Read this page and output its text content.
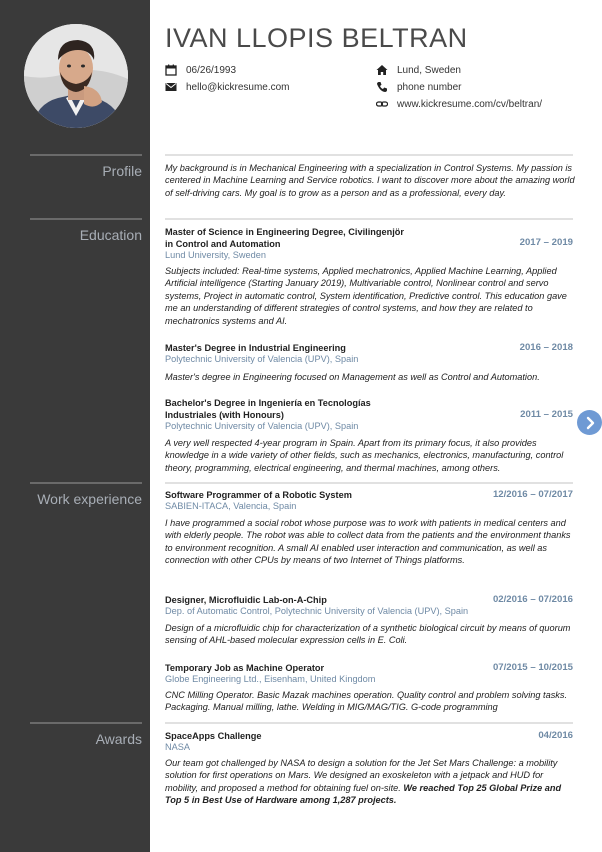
Profile
Education
Work experience
Awards
IVAN LLOPIS BELTRAN
06/26/1993
hello@kickresume.com
Lund, Sweden
phone number
www.kickresume.com/cv/beltran/
My background is in Mechanical Engineering with a specialization in Control Systems. My passion is centered in Machine Learning and Service robotics. I want to discover more about the amazing world of self-driving cars. My goal is to grow as a person and as a professional, every day.
Master of Science in Engineering Degree, Civilingenjör
in Control and Automation	2017 – 2019
Lund University, Sweden
Subjects included: Real-time systems, Applied mechatronics, Applied Machine Learning, Applied Artificial intelligence (Starting January 2019), Multivariable control, Nonlinear control and servo systems, Project in automatic control, System identification, Predictive control. This education gave me an understanding of different strategies of control systems, and how they are related to mechatronics systems and AI.
Master's Degree in Industrial Engineering	2016 – 2018
Polytechnic University of Valencia (UPV), Spain
Master's degree in Engineering focused on Management as well as Control and Automation.
Bachelor's Degree in Ingeniería en Tecnologías
Industriales (with Honours)	2011 – 2015
Polytechnic University of Valencia (UPV), Spain
A very well respected 4-year program in Spain. Apart from its primary focus, it also provides knowledge in a wide variety of other fields, such as mechanics, electronics, manufacturing, control theory, programming, electrical engineering, and thermal machines, among others.
Software Programmer of a Robotic System	12/2016 – 07/2017
SABIEN-ITACA, Valencia, Spain
I have programmed a social robot whose purpose was to work with patients in medical centers and with elderly people. The robot was able to collect data from the patients and the environment thanks to environment recognition. A small AI enabled user interaction and communication, as well as connection with other CPUs by means of two Internet of Things platforms.
Designer, Microfluidic Lab-on-A-Chip	02/2016 – 07/2016
Dep. of Automatic Control, Polytechnic University of Valencia (UPV), Spain
Design of a microfluidic chip for characterization of a synthetic biological circuit by means of quorum sensing of AHL-based molecular expression cells in E. Coli.
Temporary Job as Machine Operator	07/2015 – 10/2015
Globe Engineering Ltd., Eisenham, United Kingdom
CNC Milling Operator. Basic Mazak machines operation. Quality control and problem solving tasks. Packaging. Manual milling, lathe. Welding in MIG/MAG/TIG. G-code programming
SpaceApps Challenge	04/2016
NASA
Our team got challenged by NASA to design a solution for the Jet Set Mars Challenge: a mobility solution for first operations on Mars. We designed an exoskeleton with a jetpack and HUD for mobility, and proposed a method for obtaining fuel on-site. We reached Top 25 Global Prize and Top 5 in Best Use of Hardware among 1,287 projects.
